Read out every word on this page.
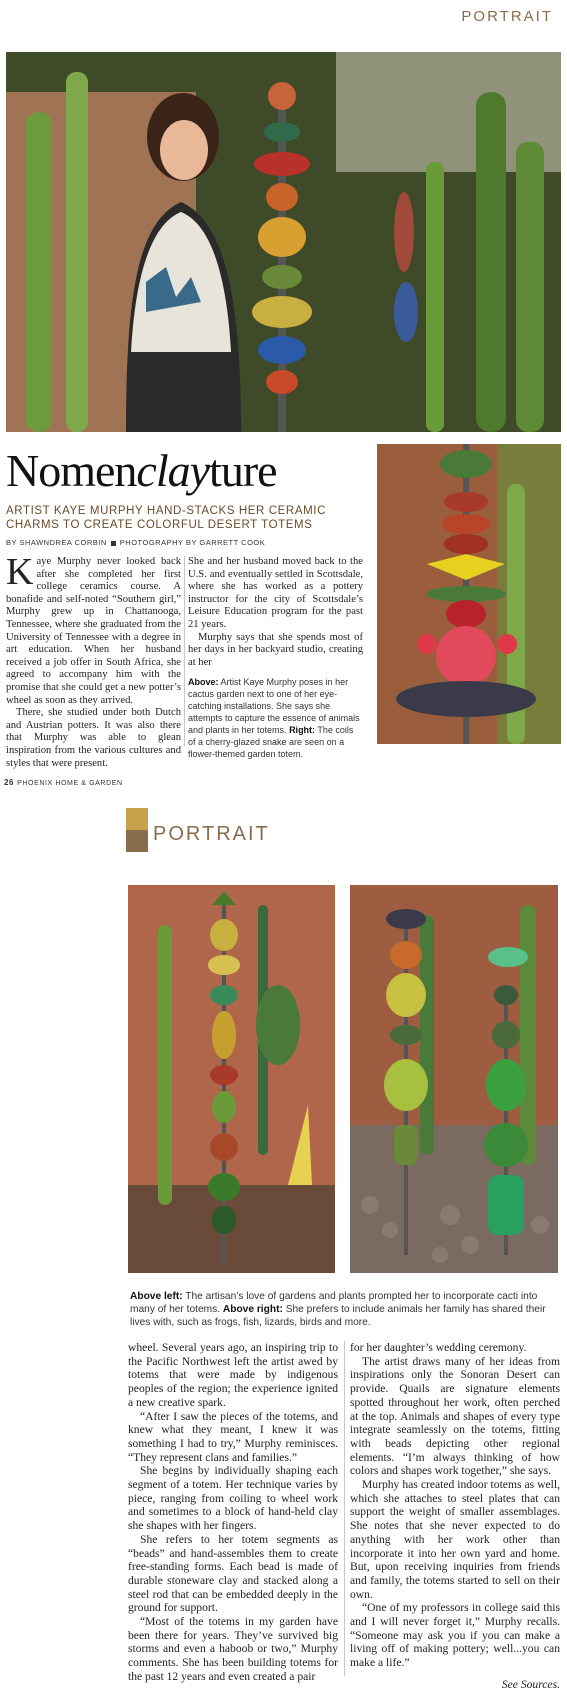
PORTRAIT
Nomenclayture
ARTIST KAYE MURPHY HAND-STACKS HER CERAMIC CHARMS TO CREATE COLORFUL DESERT TOTEMS
BY SHAWNDREA CORBIN PHOTOGRAPHY BY GARRETT COOK

Kaye Murphy never looked back after she completed her first college ceramics course. A bonafide and self-noted “Southern girl,” Murphy grew up in Chattanooga, Tennessee, where she graduated from the University of Tennessee with a degree in art education. When her husband received a job offer in South Africa, she agreed to accompany him with the promise that she could get a new potter’s wheel as soon as they arrived.

There, she studied under both Dutch and Austrian potters. It was also there that Murphy was able to glean inspiration from the various cultures and styles that were present.

She and her husband moved back to the U.S. and eventually settled in Scottsdale, where she has worked as a pottery instructor for the city of Scottsdale’s Leisure Education program for the past 21 years.

Murphy says that she spends most of her days in her backyard studio, creating at her

Above: Artist Kaye Murphy poses in her cactus garden next to one of her eye-catching installations. She says she attempts to capture the essence of animals and plants in her totems. Right: The coils of a cherry-glazed snake are seen on a flower-themed garden totem.
26 PHOENIX HOME & GARDEN
PORTRAIT
Above left: The artisan’s love of gardens and plants prompted her to incorporate cacti into many of her totems. Above right: She prefers to include animals her family has shared their lives with, such as frogs, fish, lizards, birds and more.

wheel. Several years ago, an inspiring trip to the Pacific Northwest left the artist awed by totems that were made by indigenous peoples of the region; the experience ignited a new creative spark.

“After I saw the pieces of the totems, and knew what they meant, I knew it was something I had to try,” Murphy reminisces. “They represent clans and families.”

She begins by individually shaping each segment of a totem. Her technique varies by piece, ranging from coiling to wheel work and sometimes to a block of hand-held clay she shapes with her fingers.

She refers to her totem segments as “beads” and hand-assembles them to create free-standing forms. Each bead is made of durable stoneware clay and stacked along a steel rod that can be embedded deeply in the ground for support.

“Most of the totems in my garden have been there for years. They’ve survived big storms and even a haboob or two,” Murphy comments. She has been building totems for the past 12 years and even created a pair

for her daughter’s wedding ceremony.

The artist draws many of her ideas from inspirations only the Sonoran Desert can provide. Quails are signature elements spotted throughout her work, often perched at the top. Animals and shapes of every type integrate seamlessly on the totems, fitting with beads depicting other regional elements. “I’m always thinking of how colors and shapes work together,” she says.

Murphy has created indoor totems as well, which she attaches to steel plates that can support the weight of smaller assemblages. She notes that she never expected to do anything with her work other than incorporate it into her own yard and home. But, upon receiving inquiries from friends and family, the totems started to sell on their own.

“One of my professors in college said this and I will never forget it,” Murphy recalls. “Someone may ask you if you can make a living off of making pottery; well...you can make a life.”

See Sources.
